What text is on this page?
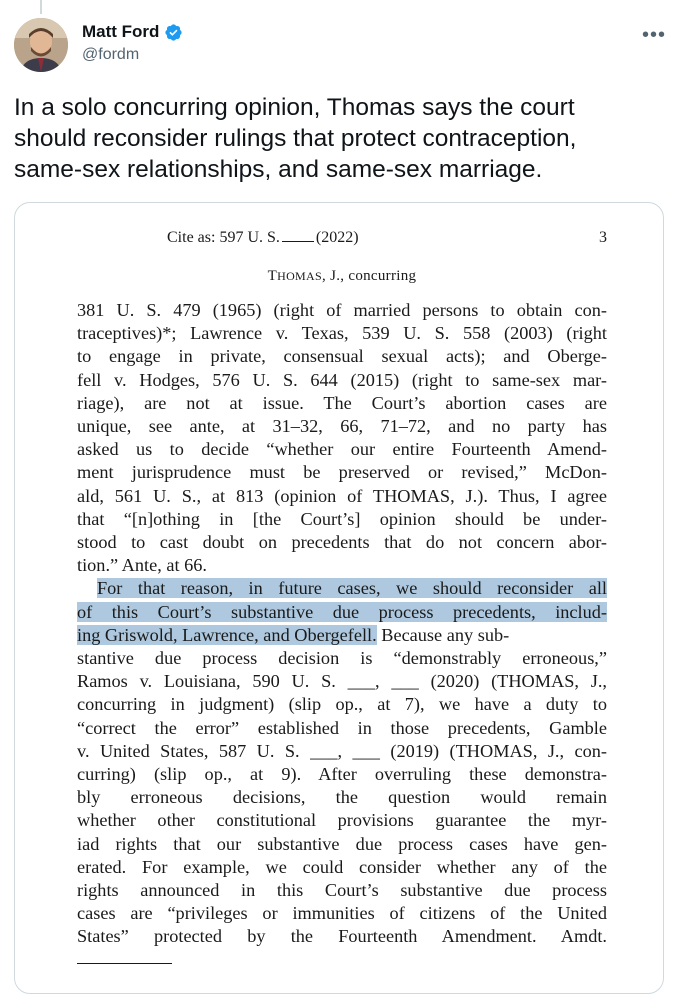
Matt Ford
@fordm
•••
In a solo concurring opinion, Thomas says the court
should reconsider rulings that protect contraception,
same-sex relationships, and same-sex marriage.
Cite as: 597 U. S. (2022)	3
THOMAS, J., concurring
381 U. S. 479 (1965) (right of married persons to obtain con-
traceptives)*; Lawrence v. Texas, 539 U. S. 558 (2003) (right
to engage in private, consensual sexual acts); and Oberge-
fell v. Hodges, 576 U. S. 644 (2015) (right to same-sex mar-
riage), are not at issue. The Court’s abortion cases are
unique, see ante, at 31–32, 66, 71–72, and no party has
asked us to decide “whether our entire Fourteenth Amend-
ment jurisprudence must be preserved or revised,” McDon-
ald, 561 U. S., at 813 (opinion of THOMAS, J.). Thus, I agree
that “[n]othing in [the Court’s] opinion should be under-
stood to cast doubt on precedents that do not concern abor-
tion.” Ante, at 66.
For that reason, in future cases, we should reconsider all
of this Court’s substantive due process precedents, includ-
ing Griswold, Lawrence, and Obergefell. Because any sub-
stantive due process decision is “demonstrably erroneous,”
Ramos v. Louisiana, 590 U. S. ___, ___ (2020) (THOMAS, J.,
concurring in judgment) (slip op., at 7), we have a duty to
“correct the error” established in those precedents, Gamble
v. United States, 587 U. S. ___, ___ (2019) (THOMAS, J., con-
curring) (slip op., at 9). After overruling these demonstra-
bly erroneous decisions, the question would remain
whether other constitutional provisions guarantee the myr-
iad rights that our substantive due process cases have gen-
erated. For example, we could consider whether any of the
rights announced in this Court’s substantive due process
cases are “privileges or immunities of citizens of the United
States” protected by the Fourteenth Amendment. Amdt.
